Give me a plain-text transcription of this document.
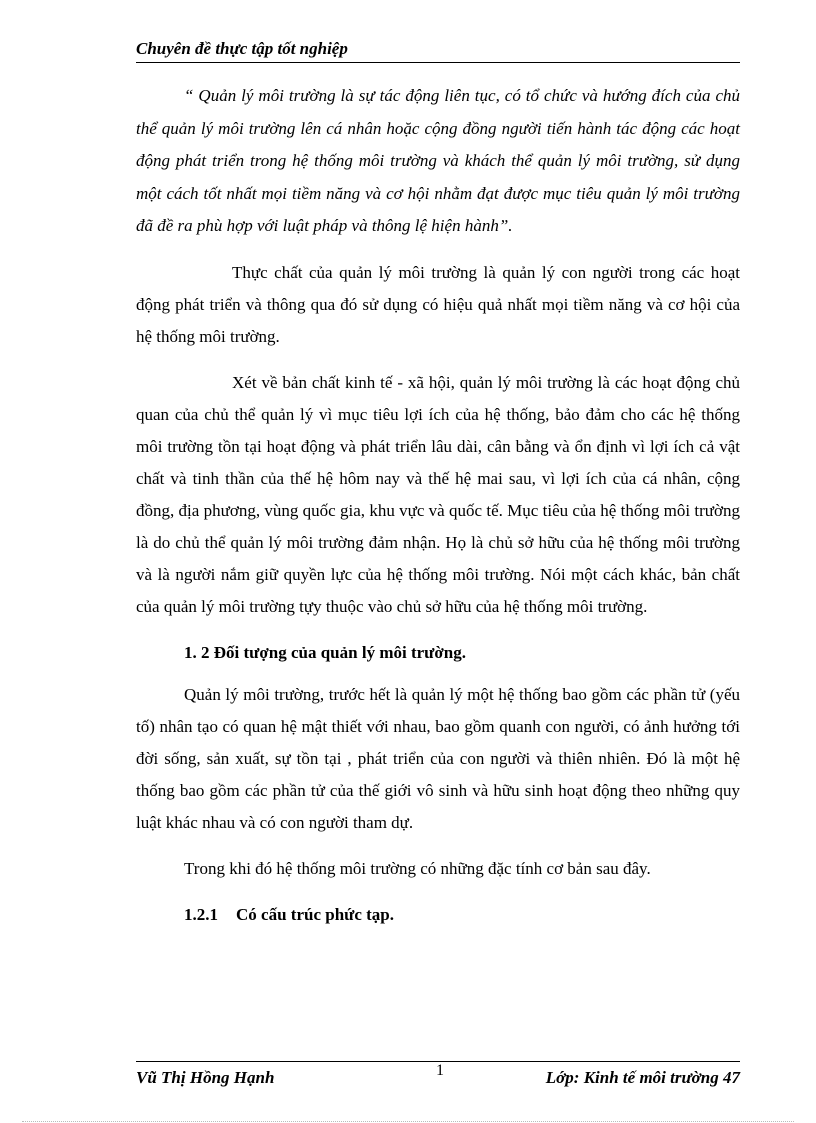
Chuyên đề thực tập tốt nghiệp

“ Quản lý môi trường là sự tác động liên tục, có tổ chức và hướng đích của chủ thể quản lý môi trường lên cá nhân hoặc cộng đồng người tiến hành tác động các hoạt động phát triển trong hệ thống môi trường và khách thể quản lý môi trường, sử dụng một cách tốt nhất mọi tiềm năng và cơ hội nhằm đạt được mục tiêu quản lý môi trường đã đề ra phù hợp với luật pháp và thông lệ hiện hành”.

Thực chất của quản lý môi trường là quản lý con người trong các hoạt động phát triển và thông qua đó sử dụng có hiệu quả nhất mọi tiềm năng và cơ hội của hệ thống môi trường.

Xét về bản chất kinh tế - xã hội, quản lý môi trường là các hoạt động chủ quan của chủ thể quản lý vì mục tiêu lợi ích của hệ thống, bảo đảm cho các hệ thống môi trường tồn tại hoạt động và phát triển lâu dài, cân bằng và ổn định vì lợi ích cả vật chất và tinh thần của thế hệ hôm nay và thế hệ mai sau, vì lợi ích của cá nhân, cộng đồng, địa phương, vùng quốc gia, khu vực và quốc tế. Mục tiêu của hệ thống môi trường là do chủ thể quản lý môi trường đảm nhận. Họ là chủ sở hữu của hệ thống môi trường và là người nắm giữ quyền lực của hệ thống môi trường. Nói một cách khác, bản chất của quản lý môi trường tựy thuộc vào chủ sở hữu của hệ thống môi trường.

1. 2 Đối tượng của quản lý môi trường.

Quản lý môi trường, trước hết là quản lý một hệ thống bao gồm các phần tử (yếu tố) nhân tạo có quan hệ mật thiết với nhau, bao gồm quanh con người, có ảnh hưởng tới đời sống, sản xuất, sự tồn tại , phát triển của con người và thiên nhiên. Đó là một hệ thống bao gồm các phần tử của thế giới vô sinh và hữu sinh hoạt động theo những quy luật khác nhau và có con người tham dự.

Trong khi đó hệ thống môi trường có những đặc tính cơ bản sau đây.

1.2.1 Có cấu trúc phức tạp.

Vũ Thị Hồng Hạnh	1	Lớp: Kinh tế môi trường 47
